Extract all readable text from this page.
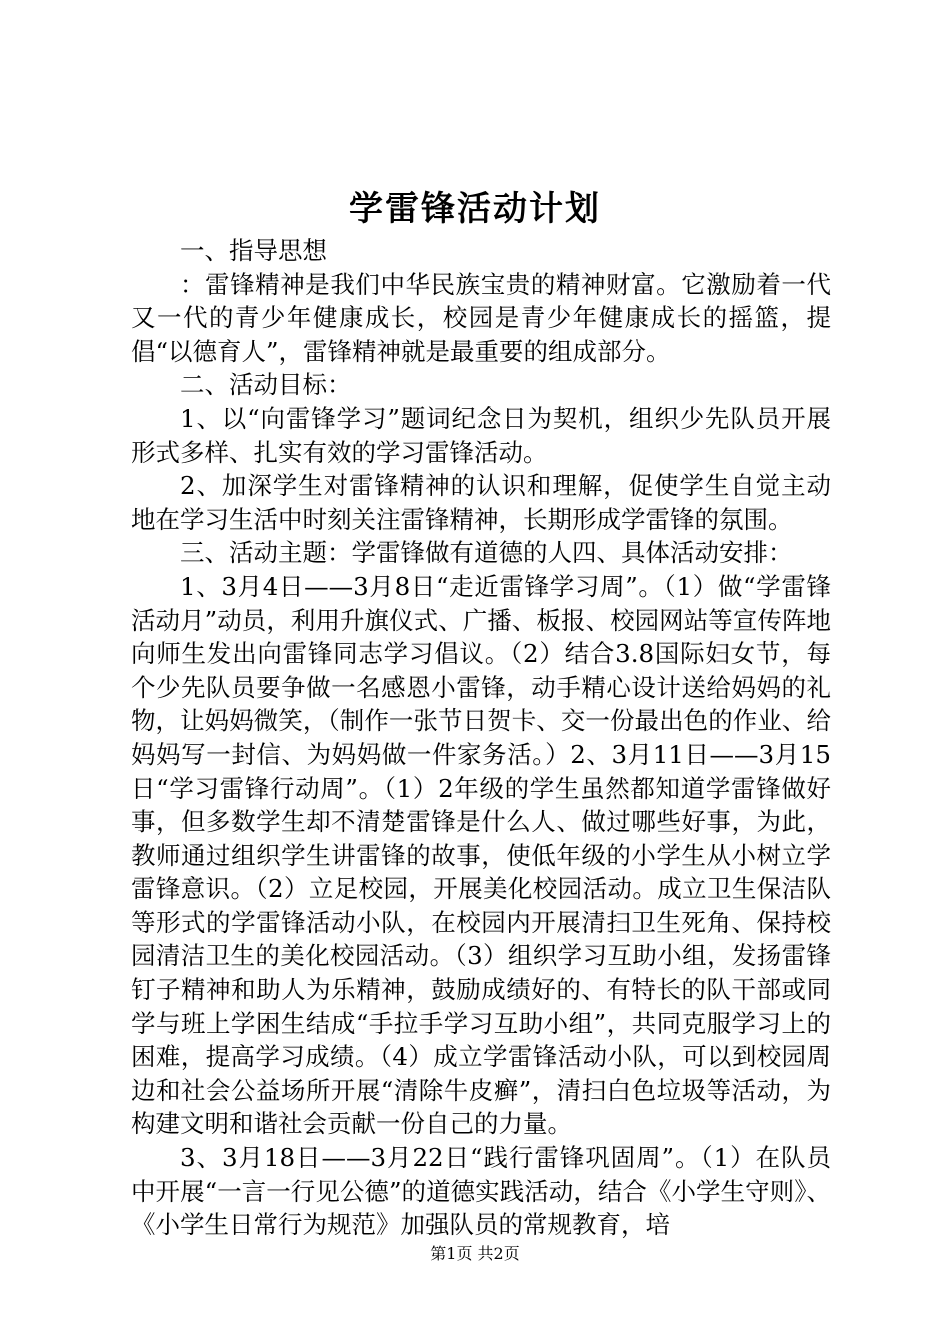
学雷锋活动计划

一、指导思想

：雷锋精神是我们中华民族宝贵的精神财富。它激励着一代又一代的青少年健康成长，校园是青少年健康成长的摇篮，提倡“以德育人”，雷锋精神就是最重要的组成部分。

二、活动目标：

1、以“向雷锋学习”题词纪念日为契机，组织少先队员开展形式多样、扎实有效的学习雷锋活动。

2、加深学生对雷锋精神的认识和理解，促使学生自觉主动地在学习生活中时刻关注雷锋精神，长期形成学雷锋的氛围。

三、活动主题：学雷锋做有道德的人四、具体活动安排：

1、3月4日——3月8日“走近雷锋学习周”。（1）做“学雷锋活动月”动员，利用升旗仪式、广播、板报、校园网站等宣传阵地向师生发出向雷锋同志学习倡议。（2）结合3.8国际妇女节，每个少先队员要争做一名感恩小雷锋，动手精心设计送给妈妈的礼物，让妈妈微笑，（制作一张节日贺卡、交一份最出色的作业、给妈妈写一封信、为妈妈做一件家务活。）2、3月11日——3月15日“学习雷锋行动周”。（1）2年级的学生虽然都知道学雷锋做好事，但多数学生却不清楚雷锋是什么人、做过哪些好事，为此，教师通过组织学生讲雷锋的故事，使低年级的小学生从小树立学雷锋意识。（2）立足校园，开展美化校园活动。成立卫生保洁队等形式的学雷锋活动小队，在校园内开展清扫卫生死角、保持校园清洁卫生的美化校园活动。（3）组织学习互助小组，发扬雷锋钉子精神和助人为乐精神，鼓励成绩好的、有特长的队干部或同学与班上学困生结成“手拉手学习互助小组”，共同克服学习上的困难，提高学习成绩。（4）成立学雷锋活动小队，可以到校园周边和社会公益场所开展“清除牛皮癣”，清扫白色垃圾等活动，为构建文明和谐社会贡献一份自己的力量。

3、3月18日——3月22日“践行雷锋巩固周”。（1）在队员中开展“一言一行见公德”的道德实践活动，结合《小学生守则》、《小学生日常行为规范》加强队员的常规教育，培

第1页 共2页
